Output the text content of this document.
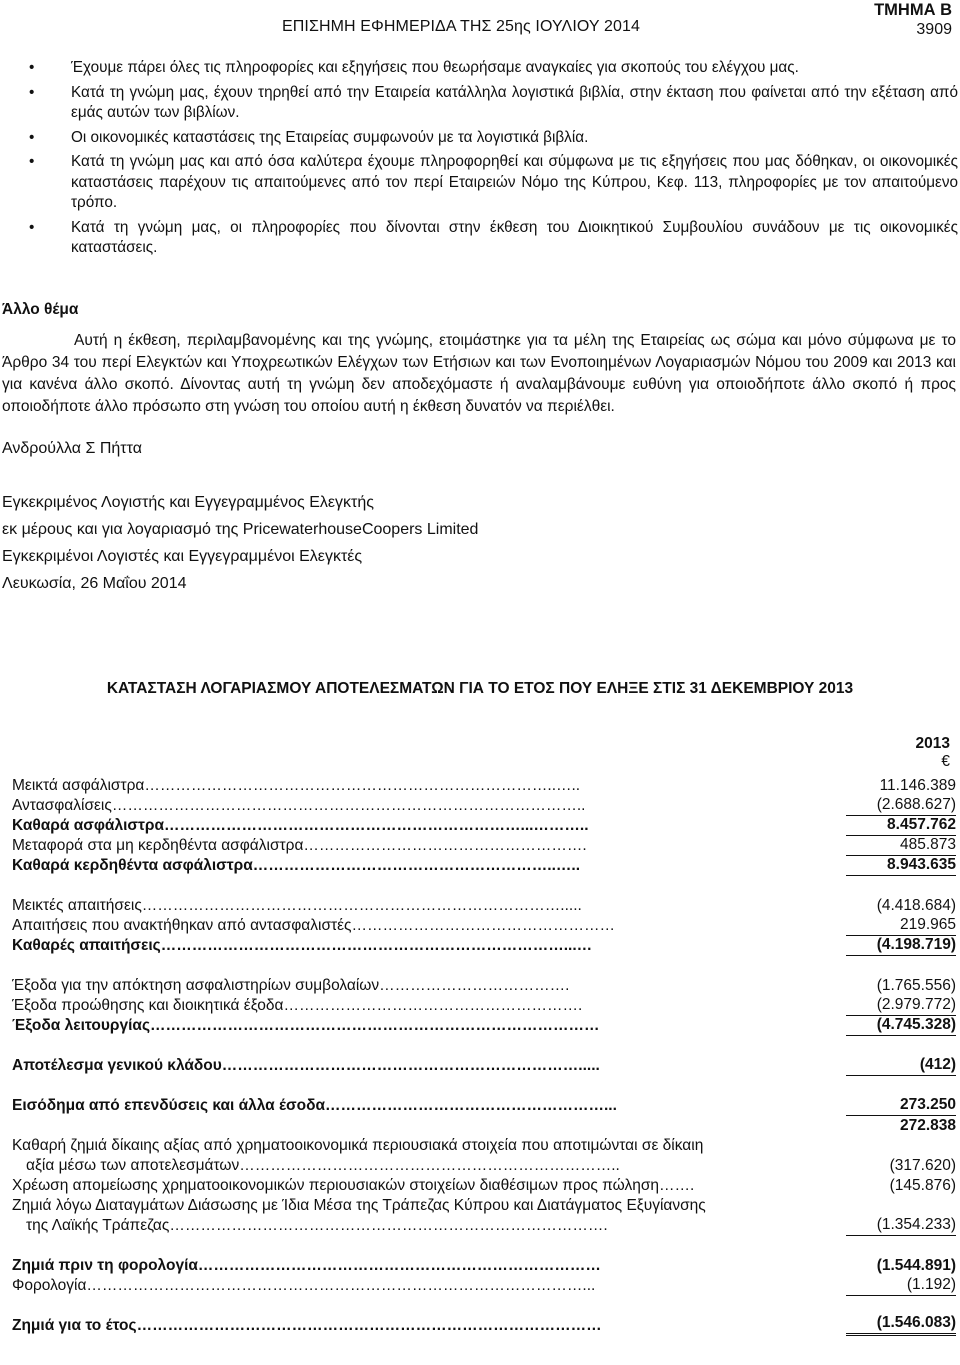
ΕΠΙΣΗΜΗ ΕΦΗΜΕΡΙΔΑ ΤΗΣ 25ης ΙΟΥΛΙΟΥ 2014
ΤΜΗΜΑ Β
3909
• Έχουμε πάρει όλες τις πληροφορίες και εξηγήσεις που θεωρήσαμε αναγκαίες για σκοπούς του ελέγχου μας.
• Κατά τη γνώμη μας, έχουν τηρηθεί από την Εταιρεία κατάλληλα λογιστικά βιβλία, στην έκταση που φαίνεται από την εξέταση από εμάς αυτών των βιβλίων.
• Οι οικονομικές καταστάσεις της Εταιρείας συμφωνούν με τα λογιστικά βιβλία.
• Κατά τη γνώμη μας και από όσα καλύτερα έχουμε πληροφορηθεί και σύμφωνα με τις εξηγήσεις που μας δόθηκαν, οι οικονομικές καταστάσεις παρέχουν τις απαιτούμενες από τον περί Εταιρειών Νόμο της Κύπρου, Κεφ. 113, πληροφορίες με τον απαιτούμενο τρόπο.
• Κατά τη γνώμη μας, οι πληροφορίες που δίνονται στην έκθεση του Διοικητικού Συμβουλίου συνάδουν με τις οικονομικές καταστάσεις.
Άλλο θέμα
Αυτή η έκθεση, περιλαμβανομένης και της γνώμης, ετοιμάστηκε για τα μέλη της Εταιρείας ως σώμα και μόνο σύμφωνα με το Άρθρο 34 του περί Ελεγκτών και Υποχρεωτικών Ελέγχων των Ετήσιων και των Ενοποιημένων Λογαριασμών Νόμου του 2009 και 2013 και για κανένα άλλο σκοπό. Δίνοντας αυτή τη γνώμη δεν αποδεχόμαστε ή αναλαμβάνουμε ευθύνη για οποιοδήποτε άλλο σκοπό ή προς οποιοδήποτε άλλο πρόσωπο στη γνώση του οποίου αυτή η έκθεση δυνατόν να περιέλθει.
Ανδρούλλα Σ Πήττα
Εγκεκριμένος Λογιστής και Εγγεγραμμένος Ελεγκτής
εκ μέρους και για λογαριασμό της PricewaterhouseCoopers Limited
Εγκεκριμένοι Λογιστές και Εγγεγραμμένοι Ελεγκτές
Λευκωσία, 26 Μαΐου 2014
ΚΑΤΑΣΤΑΣΗ ΛΟΓΑΡΙΑΣΜΟΥ ΑΠΟΤΕΛΕΣΜΑΤΩΝ ΓΙΑ ΤΟ ΕΤΟΣ ΠΟΥ ΕΛΗΞΕ ΣΤΙΣ 31 ΔΕΚΕΜΒΡΙΟΥ 2013
2013
€
Μεικτά ασφάλιστρα……………………………………………………………………..…..	11.146.389
Αντασφαλίσεις………………………………………………………………………………..	(2.688.627)
Καθαρά ασφάλιστρα……………………………………………………………...………..	8.457.762
Μεταφορά στα μη κερδηθέντα ασφάλιστρα……………………………………………….	485.873
Καθαρά κερδηθέντα ασφάλιστρα…………………………………………………..…..	8.943.635
Μεικτές απαιτήσεις……………………………………………………………………….....	(4.418.684)
Απαιτήσεις που ανακτήθηκαν από αντασφαλιστές……………………………………………	219.965
Καθαρές απαιτήσεις……………………………………………………………………...…	(4.198.719)
Έξοδα για την απόκτηση ασφαλιστηρίων συμβολαίων……………………………….	(1.765.556)
Έξοδα προώθησης και διοικητικά έξοδα………………………………………………….	(2.979.772)
Έξοδα λειτουργίας……………………………………………………………………………	(4.745.328)
Αποτέλεσμα γενικού κλάδου…………………………………………………………….....	(412)
Εισόδημα από επενδύσεις και άλλα έσοδα………………………………………………...	273.250
272.838
Καθαρή ζημιά δίκαιης αξίας από χρηματοοικονομικά περιουσιακά στοιχεία που αποτιμώνται σε δίκαιη
αξία μέσω των αποτελεσμάτων………………………………………………………………..	(317.620)
Χρέωση απομείωσης χρηματοοικονομικών περιουσιακών στοιχείων διαθέσιμων προς πώληση…….	(145.876)
Ζημιά λόγω Διαταγμάτων Διάσωσης με Ίδια Μέσα της Τράπεζας Κύπρου και Διατάγματος Εξυγίανσης
της Λαϊκής Τράπεζας………………………………………………………………………….	(1.354.233)
Ζημιά πριν τη φορολογία……………………………………………………………………	(1.544.891)
Φορολογία……………………………………………………………………………………...	(1.192)
Ζημιά για το έτος………………………………………………………………………………	(1.546.083)
